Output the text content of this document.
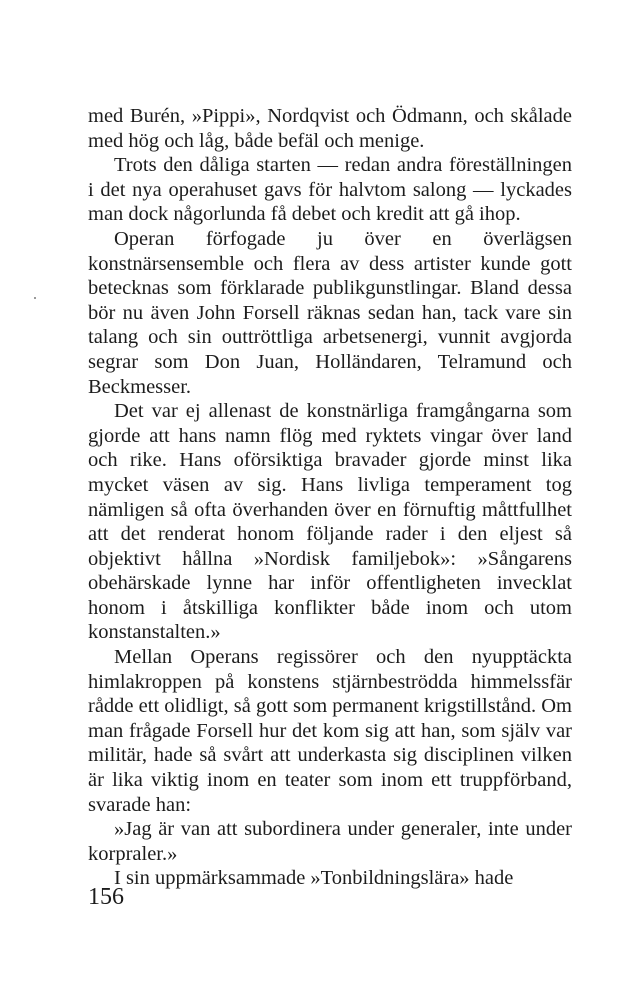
med Burén, »Pippi», Nordqvist och Ödmann, och skålade med hög och låg, både befäl och menige.

Trots den dåliga starten — redan andra föreställningen i det nya operahuset gavs för halvtom salong — lyckades man dock någorlunda få debet och kredit att gå ihop.

Operan förfogade ju över en överlägsen konstnärsensemble och flera av dess artister kunde gott betecknas som förklarade publikgunstlingar. Bland dessa bör nu även John Forsell räknas sedan han, tack vare sin talang och sin outtröttliga arbetsenergi, vunnit avgjorda segrar som Don Juan, Holländaren, Telramund och Beckmesser.

Det var ej allenast de konstnärliga framgångarna som gjorde att hans namn flög med ryktets vingar över land och rike. Hans oförsiktiga bravader gjorde minst lika mycket väsen av sig. Hans livliga temperament tog nämligen så ofta överhanden över en förnuftig måttfullhet att det renderat honom följande rader i den eljest så objektivt hållna »Nordisk familjebok»: »Sångarens obehärskade lynne har inför offentligheten invecklat honom i åtskilliga konflikter både inom och utom konstanstalten.»

Mellan Operans regissörer och den nyupptäckta himlakroppen på konstens stjärnbeströdda himmelssfär rådde ett olidligt, så gott som permanent krigstillstånd. Om man frågade Forsell hur det kom sig att han, som själv var militär, hade så svårt att underkasta sig disciplinen vilken är lika viktig inom en teater som inom ett truppförband, svarade han:

»Jag är van att subordinera under generaler, inte under korpraler.»

I sin uppmärksammade »Tonbildningslära» hade

156
